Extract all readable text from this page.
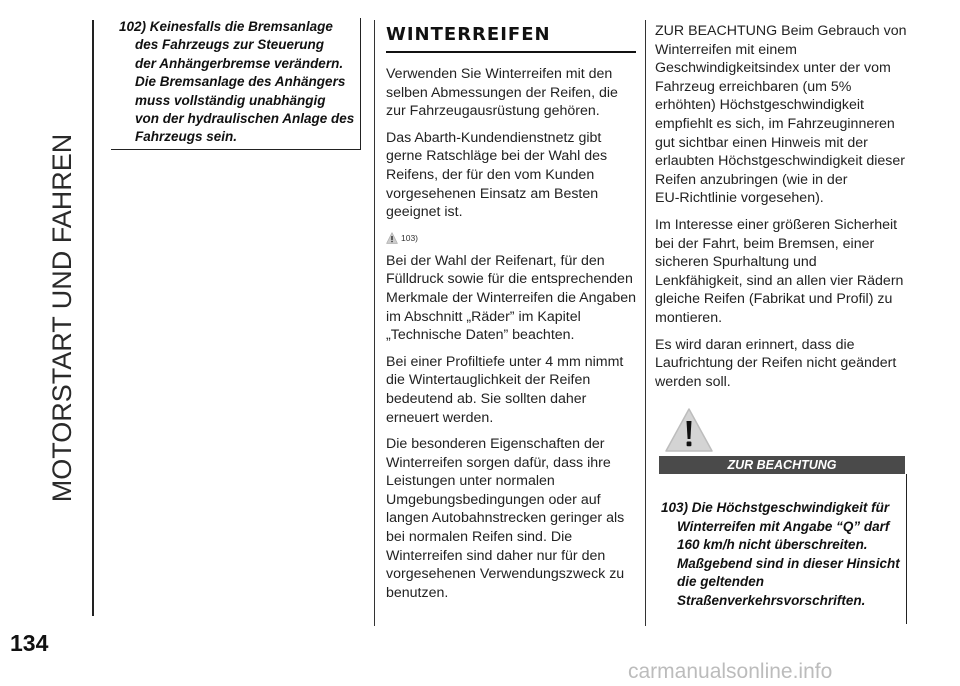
MOTORSTART UND FAHREN
134
carmanualsonline.info
102) Keinesfalls die Bremsanlage
des Fahrzeugs zur Steuerung
der Anhängerbremse verändern.
Die Bremsanlage des Anhängers
muss vollständig unabhängig
von der hydraulischen Anlage des
Fahrzeugs sein.
WINTERREIFEN

Verwenden Sie Winterreifen mit den
selben Abmessungen der Reifen, die
zur Fahrzeugausrüstung gehören.

Das Abarth-Kundendienstnetz gibt
gerne Ratschläge bei der Wahl des
Reifens, der für den vom Kunden
vorgesehenen Einsatz am Besten
geeignet ist.

103)

Bei der Wahl der Reifenart, für den
Fülldruck sowie für die entsprechenden
Merkmale der Winterreifen die Angaben
im Abschnitt „Räder” im Kapitel
„Technische Daten” beachten.

Bei einer Profiltiefe unter 4 mm nimmt
die Wintertauglichkeit der Reifen
bedeutend ab. Sie sollten daher
erneuert werden.

Die besonderen Eigenschaften der
Winterreifen sorgen dafür, dass ihre
Leistungen unter normalen
Umgebungsbedingungen oder auf
langen Autobahnstrecken geringer als
bei normalen Reifen sind. Die
Winterreifen sind daher nur für den
vorgesehenen Verwendungszweck zu
benutzen.

ZUR BEACHTUNG Beim Gebrauch von
Winterreifen mit einem
Geschwindigkeitsindex unter der vom
Fahrzeug erreichbaren (um 5%
erhöhten) Höchstgeschwindigkeit
empfiehlt es sich, im Fahrzeuginneren
gut sichtbar einen Hinweis mit der
erlaubten Höchstgeschwindigkeit dieser
Reifen anzubringen (wie in der
EU-Richtlinie vorgesehen).

Im Interesse einer größeren Sicherheit
bei der Fahrt, beim Bremsen, einer
sicheren Spurhaltung und
Lenkfähigkeit, sind an allen vier Rädern
gleiche Reifen (Fabrikat und Profil) zu
montieren.

Es wird daran erinnert, dass die
Laufrichtung der Reifen nicht geändert
werden soll.

ZUR BEACHTUNG
103) Die Höchstgeschwindigkeit für
Winterreifen mit Angabe “Q” darf
160 km/h nicht überschreiten.
Maßgebend sind in dieser Hinsicht
die geltenden
Straßenverkehrsvorschriften.
